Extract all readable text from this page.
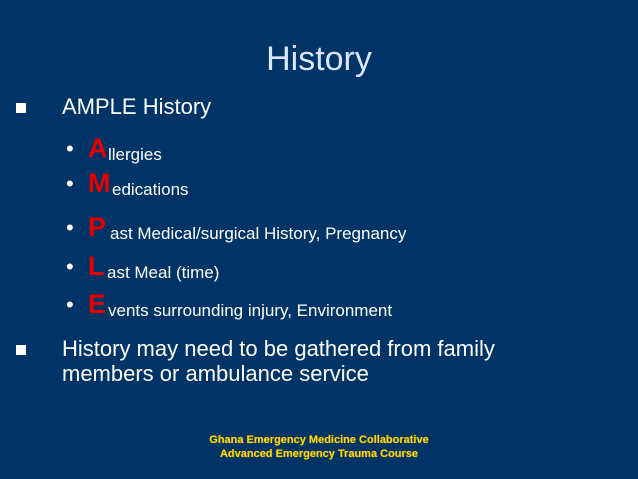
History
AMPLE History
• A llergies
• M edications
• P ast Medical/surgical History, Pregnancy
• L ast Meal (time)
• E vents surrounding injury, Environment
History may need to be gathered from family
members or ambulance service
Ghana Emergency Medicine Collaborative
Advanced Emergency Trauma Course
